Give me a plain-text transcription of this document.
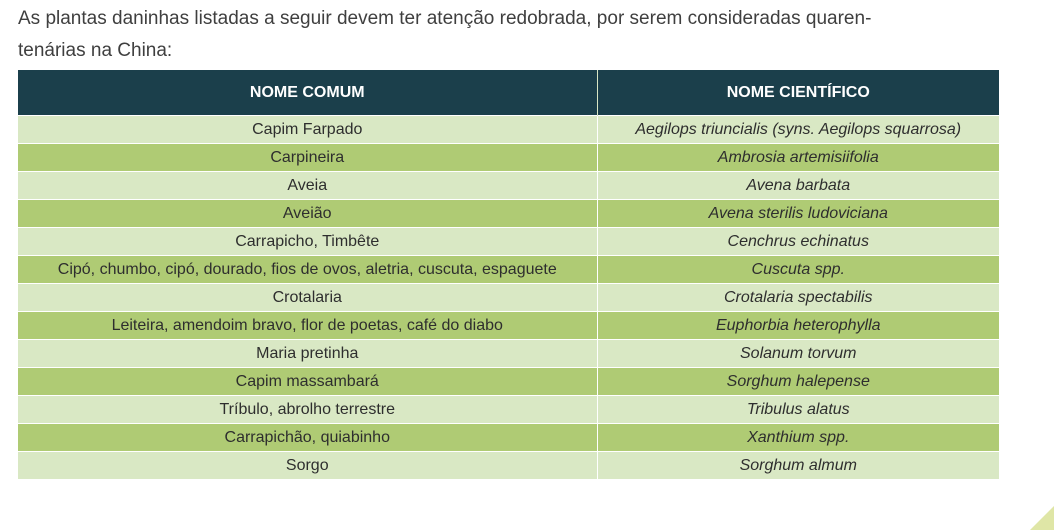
As plantas daninhas listadas a seguir devem ter atenção redobrada, por serem consideradas quaren-
tenárias na China:

NOME COMUM	NOME CIENTÍFICO
Capim Farpado	Aegilops triuncialis (syns. Aegilops squarrosa)
Carpineira	Ambrosia artemisiifolia
Aveia	Avena barbata
Aveião	Avena sterilis ludoviciana
Carrapicho, Timbête	Cenchrus echinatus
Cipó, chumbo, cipó, dourado, fios de ovos, aletria, cuscuta, espaguete	Cuscuta spp.
Crotalaria	Crotalaria spectabilis
Leiteira, amendoim bravo, flor de poetas, café do diabo	Euphorbia heterophylla
Maria pretinha	Solanum torvum
Capim massambará	Sorghum halepense
Tríbulo, abrolho terrestre	Tribulus alatus
Carrapichão, quiabinho	Xanthium spp.
Sorgo	Sorghum almum
